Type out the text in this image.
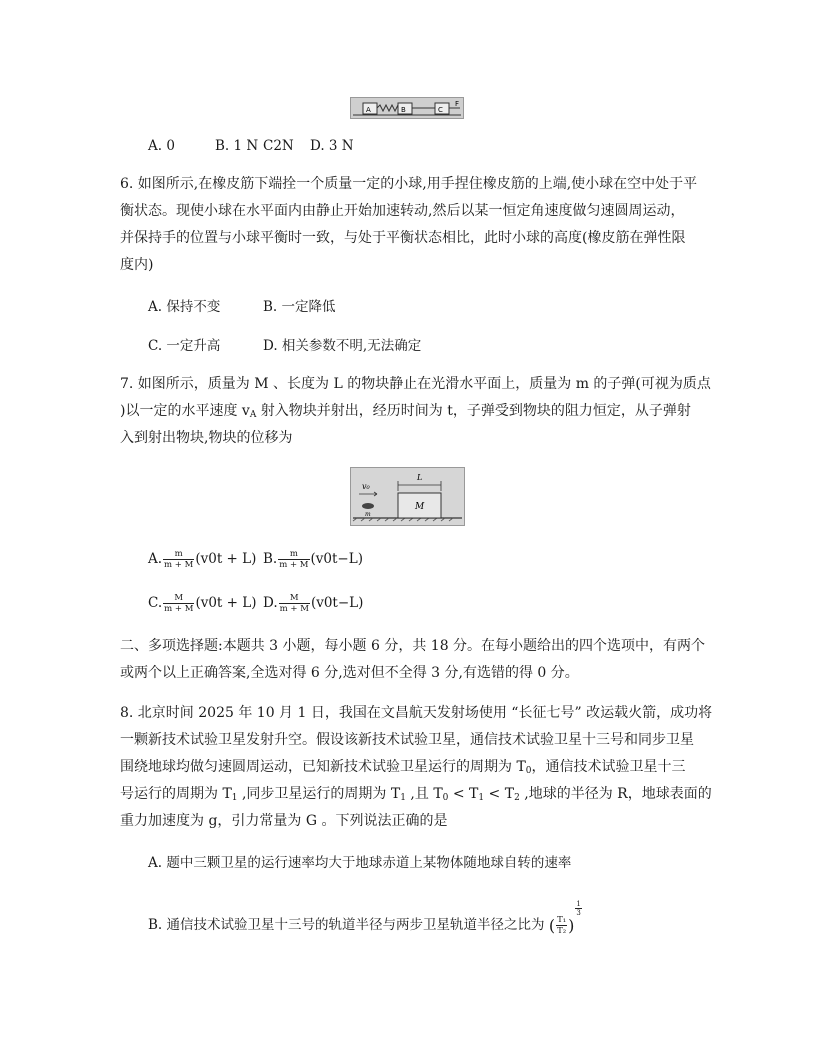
A	B	C
F
A. 0	B. 1 N C2N D. 3 N
6. 如图所示,在橡皮筋下端拴一个质量一定的小球,用手捏住橡皮筋的上端,使小球在空中处于平
衡状态。现使小球在水平面内由静止开始加速转动,然后以某一恒定角速度做匀速圆周运动，
并保持手的位置与小球平衡时一致，与处于平衡状态相比，此时小球的高度(橡皮筋在弹性限
度内)
A. 保持不变	B. 一定降低
C. 一定升高	D. 相关参数不明,无法确定
7. 如图所示，质量为 M 、长度为 L 的物块静止在光滑水平面上，质量为 m 的子弹(可视为质点
)以一定的水平速度 $v_A$ 射入物块并射出，经历时间为 t，子弹受到物块的阻力恒定，从子弹射
入到射出物块,物块的位移为
v₀
L
M
m
A. $\frac{m}{m + M} (v0t + L)$ B. $\frac{m}{m + M} (v0t-L)$
C. $\frac{M}{m + M} (v0t + L)$ D. $\frac{M}{m + M} (v0t-L)$
二、多项选择题:本题共 3 小题，每小题 6 分，共 18 分。在每小题给出的四个选项中，有两个
或两个以上正确答案,全选对得 6 分,选对但不全得 3 分,有选错的得 0 分。
8. 北京时间 2025 年 10 月 1 日，我国在文昌航天发射场使用 “长征七号” 改运载火箭，成功将
一颗新技术试验卫星发射升空。假设该新技术试验卫星，通信技术试验卫星十三号和同步卫星
围绕地球均做匀速圆周运动，已知新技术试验卫星运行的周期为 $T_0$，通信技术试验卫星十三
号运行的周期为 $T_1$ ,同步卫星运行的周期为 $T_1$ ,且 $T_0 < T_1 < T_2$ ,地球的半径为 R，地球表面的
重力加速度为 g，引力常量为 G 。下列说法正确的是
A. 题中三颗卫星的运行速率均大于地球赤道上某物体随地球自转的速率
B. 通信技术试验卫星十三号的轨道半径与两步卫星轨道半径之比为 ( $\frac{\text{T₁}}{\text{T₂}}$ )
$\frac{1}{3}$
